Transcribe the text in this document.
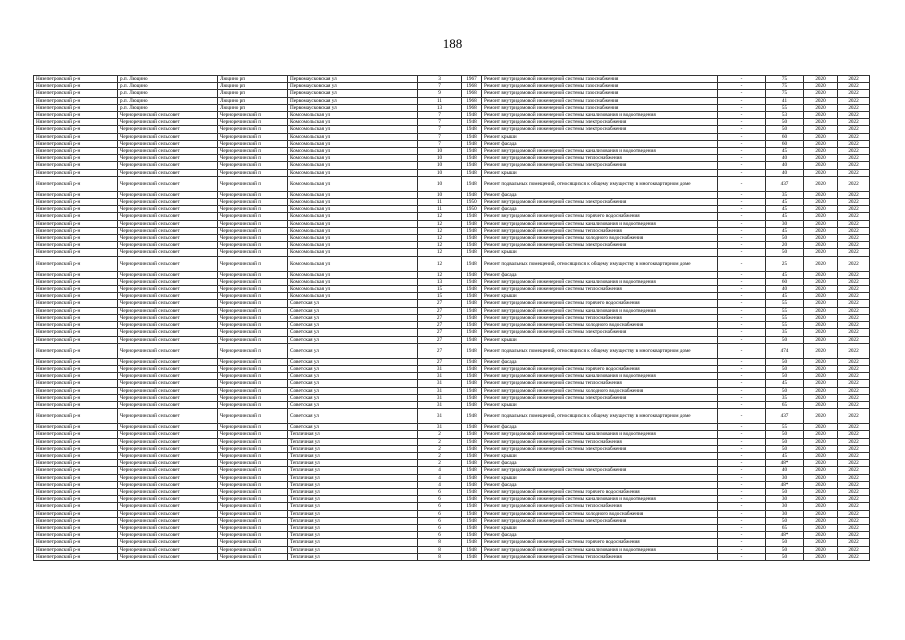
188
Нязепетровский р-н	р.п. Люцино	Люцино рп	Первомаусковская ул	3	1967	Ремонт внутридомовой инженерной системы газоснабжения	-	75	2020	2022
Нязепетровский р-н	р.п. Люцино	Люцино рп	Первомаусковская ул	7	1968	Ремонт внутридомовой инженерной системы газоснабжения	-	75	2020	2022
Нязепетровский р-н	р.п. Люцино	Люцино рп	Первомаусковская ул	9	1968	Ремонт внутридомовой инженерной системы газоснабжения	-	75	2020	2022
Нязепетровский р-н	р.п. Люцино	Люцино рп	Первомаусковская ул	11	1968	Ремонт внутридомовой инженерной системы газоснабжения	-	41	2020	2022
Нязепетровский р-н	р.п. Люцино	Люцино рп	Первомаусковская ул	13	1968	Ремонт внутридомовой инженерной системы газоснабжения	-	55	2020	2022
Нязепетровский р-н	Черноречинский сельсовет	Черноречинский п	Комсомольская ул	7	1948	Ремонт внутридомовой инженерной системы канализования и водоотведения	-	53	2020	2022
Нязепетровский р-н	Черноречинский сельсовет	Черноречинский п	Комсомольская ул	7	1948	Ремонт внутридомовой инженерной системы электроснабжения	-	50	2020	2022
Нязепетровский р-н	Черноречинский сельсовет	Черноречинский п	Комсомольская ул	7	1948	Ремонт внутридомовой инженерной системы электроснабжения	-	50	2020	2022
Нязепетровский р-н	Черноречинский сельсовет	Черноречинский п	Комсомольская ул	7	1948	Ремонт крыши	-	60	2020	2022
Нязепетровский р-н	Черноречинский сельсовет	Черноречинский п	Комсомольская ул	7	1948	Ремонт фасада	-	60	2020	2022
Нязепетровский р-н	Черноречинский сельсовет	Черноречинский п	Комсомольская ул	10	1948	Ремонт внутридомовой инженерной системы канализования и водоотведения	-	45	2020	2022
Нязепетровский р-н	Черноречинский сельсовет	Черноречинский п	Комсомольская ул	10	1948	Ремонт внутридомовой инженерной системы теплоснабжения	-	40	2020	2022
Нязепетровский р-н	Черноречинский сельсовет	Черноречинский п	Комсомольская ул	10	1948	Ремонт внутридомовой инженерной системы электроснабжения	-	40	2020	2022
Нязепетровский р-н	Черноречинский сельсовет	Черноречинский п	Комсомольская ул	10	1948	Ремонт крыши	-	40	2020	2022
Нязепетровский р-н	Черноречинский сельсовет	Черноречинский п	Комсомольская ул	10	1948	Ремонт подвальных помещений, относящихся к общему имуществу в многоквартирном доме	-	437	2020	2022
Нязепетровский р-н	Черноречинский сельсовет	Черноречинский п	Комсомольская ул	10	1948	Ремонт фасада	-	35	2020	2022
Нязепетровский р-н	Черноречинский сельсовет	Черноречинский п	Комсомольская ул	11	1950	Ремонт внутридомовой инженерной системы электроснабжения	-	45	2020	2022
Нязепетровский р-н	Черноречинский сельсовет	Черноречинский п	Комсомольская ул	11	1950	Ремонт фасада	-	45	2020	2022
Нязепетровский р-н	Черноречинский сельсовет	Черноречинский п	Комсомольская ул	12	1948	Ремонт внутридомовой инженерной системы горячего водоснабжения	-	45	2020	2022
Нязепетровский р-н	Черноречинский сельсовет	Черноречинский п	Комсомольская ул	12	1948	Ремонт внутридомовой инженерной системы канализования и водоотведения	-	30	2020	2022
Нязепетровский р-н	Черноречинский сельсовет	Черноречинский п	Комсомольская ул	12	1948	Ремонт внутридомовой инженерной системы теплоснабжения	-	45	2020	2022
Нязепетровский р-н	Черноречинский сельсовет	Черноречинский п	Комсомольская ул	12	1948	Ремонт внутридомовой инженерной системы холодного водоснабжения	-	50	2020	2022
Нязепетровский р-н	Черноречинский сельсовет	Черноречинский п	Комсомольская ул	12	1948	Ремонт внутридомовой инженерной системы электроснабжения	-	20	2020	2022
Нязепетровский р-н	Черноречинский сельсовет	Черноречинский п	Комсомольская ул	12	1948	Ремонт крыши	-	50	2020	2022
Нязепетровский р-н	Черноречинский сельсовет	Черноречинский п	Комсомольская ул	12	1948	Ремонт подвальных помещений, относящихся к общему имуществу в многоквартирном доме	-	25	2020	2022
Нязепетровский р-н	Черноречинский сельсовет	Черноречинский п	Комсомольская ул	12	1948	Ремонт фасада	-	45	2020	2022
Нязепетровский р-н	Черноречинский сельсовет	Черноречинский п	Комсомольская ул	13	1948	Ремонт внутридомовой инженерной системы канализования и водоотведения	-	60	2020	2022
Нязепетровский р-н	Черноречинский сельсовет	Черноречинский п	Комсомольская ул	15	1948	Ремонт внутридомовой инженерной системы теплоснабжения	-	40	2020	2022
Нязепетровский р-н	Черноречинский сельсовет	Черноречинский п	Комсомольская ул	15	1948	Ремонт крыши	-	45	2020	2022
Нязепетровский р-н	Черноречинский сельсовет	Черноречинский п	Советская ул	27	1948	Ремонт внутридомовой инженерной системы горячего водоснабжения	-	55	2020	2022
Нязепетровский р-н	Черноречинский сельсовет	Черноречинский п	Советская ул	27	1948	Ремонт внутридомовой инженерной системы канализования и водоотведения	-	55	2020	2022
Нязепетровский р-н	Черноречинский сельсовет	Черноречинский п	Советская ул	27	1948	Ремонт внутридомовой инженерной системы теплоснабжения	-	55	2020	2022
Нязепетровский р-н	Черноречинский сельсовет	Черноречинский п	Советская ул	27	1948	Ремонт внутридомовой инженерной системы холодного водоснабжения	-	55	2020	2022
Нязепетровский р-н	Черноречинский сельсовет	Черноречинский п	Советская ул	27	1948	Ремонт внутридомовой инженерной системы электроснабжения	-	35	2020	2022
Нязепетровский р-н	Черноречинский сельсовет	Черноречинский п	Советская ул	27	1948	Ремонт крыши	-	50	2020	2022
Нязепетровский р-н	Черноречинский сельсовет	Черноречинский п	Советская ул	27	1948	Ремонт подвальных помещений, относящихся к общему имуществу в многоквартирном доме	-	474	2020	2022
Нязепетровский р-н	Черноречинский сельсовет	Черноречинский п	Советская ул	27	1948	Ремонт фасада	-	50	2020	2022
Нязепетровский р-н	Черноречинский сельсовет	Черноречинский п	Советская ул	31	1948	Ремонт внутридомовой инженерной системы горячего водоснабжения	-	50	2020	2022
Нязепетровский р-н	Черноречинский сельсовет	Черноречинский п	Советская ул	31	1948	Ремонт внутридомовой инженерной системы канализования и водоотведения	-	50	2020	2022
Нязепетровский р-н	Черноречинский сельсовет	Черноречинский п	Советская ул	31	1948	Ремонт внутридомовой инженерной системы теплоснабжения	-	45	2020	2022
Нязепетровский р-н	Черноречинский сельсовет	Черноречинский п	Советская ул	31	1948	Ремонт внутридомовой инженерной системы холодного водоснабжения	-	50	2020	2022
Нязепетровский р-н	Черноречинский сельсовет	Черноречинский п	Советская ул	31	1948	Ремонт внутридомовой инженерной системы электроснабжения	-	35	2020	2022
Нязепетровский р-н	Черноречинский сельсовет	Черноречинский п	Советская ул	31	1948	Ремонт крыши	-	65	2020	2022
Нязепетровский р-н	Черноречинский сельсовет	Черноречинский п	Советская ул	31	1948	Ремонт подвальных помещений, относящихся к общему имуществу в многоквартирном доме	-	437	2020	2022
Нязепетровский р-н	Черноречинский сельсовет	Черноречинский п	Советская ул	31	1948	Ремонт фасада	-	55	2020	2022
Нязепетровский р-н	Черноречинский сельсовет	Черноречинский п	Тепличная ул	2	1948	Ремонт внутридомовой инженерной системы канализования и водоотведения	-	50	2020	2022
Нязепетровский р-н	Черноречинский сельсовет	Черноречинский п	Тепличная ул	2	1948	Ремонт внутридомовой инженерной системы теплоснабжения	-	50	2020	2022
Нязепетровский р-н	Черноречинский сельсовет	Черноречинский п	Тепличная ул	2	1948	Ремонт внутридомовой инженерной системы электроснабжения	-	50	2020	2022
Нязепетровский р-н	Черноречинский сельсовет	Черноречинский п	Тепличная ул	2	1948	Ремонт крыши	-	45	2020	2022
Нязепетровский р-н	Черноречинский сельсовет	Черноречинский п	Тепличная ул	2	1948	Ремонт фасада	-	48*	2020	2022
Нязепетровский р-н	Черноречинский сельсовет	Черноречинский п	Тепличная ул	4	1948	Ремонт внутридомовой инженерной системы электроснабжения	-	40	2020	2022
Нязепетровский р-н	Черноречинский сельсовет	Черноречинский п	Тепличная ул	4	1948	Ремонт крыши	-	30	2020	2022
Нязепетровский р-н	Черноречинский сельсовет	Черноречинский п	Тепличная ул	4	1948	Ремонт фасада	-	48*	2020	2022
Нязепетровский р-н	Черноречинский сельсовет	Черноречинский п	Тепличная ул	6	1948	Ремонт внутридомовой инженерной системы горячего водоснабжения	-	50	2020	2022
Нязепетровский р-н	Черноречинский сельсовет	Черноречинский п	Тепличная ул	6	1948	Ремонт внутридомовой инженерной системы канализования и водоотведения	-	30	2020	2022
Нязепетровский р-н	Черноречинский сельсовет	Черноречинский п	Тепличная ул	6	1948	Ремонт внутридомовой инженерной системы теплоснабжения	-	30	2020	2022
Нязепетровский р-н	Черноречинский сельсовет	Черноречинский п	Тепличная ул	6	1948	Ремонт внутридомовой инженерной системы холодного водоснабжения	-	30	2020	2022
Нязепетровский р-н	Черноречинский сельсовет	Черноречинский п	Тепличная ул	6	1948	Ремонт внутридомовой инженерной системы электроснабжения	-	50	2020	2022
Нязепетровский р-н	Черноречинский сельсовет	Черноречинский п	Тепличная ул	6	1948	Ремонт крыши	-	65	2020	2022
Нязепетровский р-н	Черноречинский сельсовет	Черноречинский п	Тепличная ул	6	1948	Ремонт фасада	-	48*	2020	2022
Нязепетровский р-н	Черноречинский сельсовет	Черноречинский п	Тепличная ул	8	1948	Ремонт внутридомовой инженерной системы горячего водоснабжения	-	50	2020	2022
Нязепетровский р-н	Черноречинский сельсовет	Черноречинский п	Тепличная ул	8	1948	Ремонт внутридомовой инженерной системы канализования и водоотведения	-	50	2020	2022
Нязепетровский р-н	Черноречинский сельсовет	Черноречинский п	Тепличная ул	8	1948	Ремонт внутридомовой инженерной системы теплоснабжения	-	50	2020	2022
